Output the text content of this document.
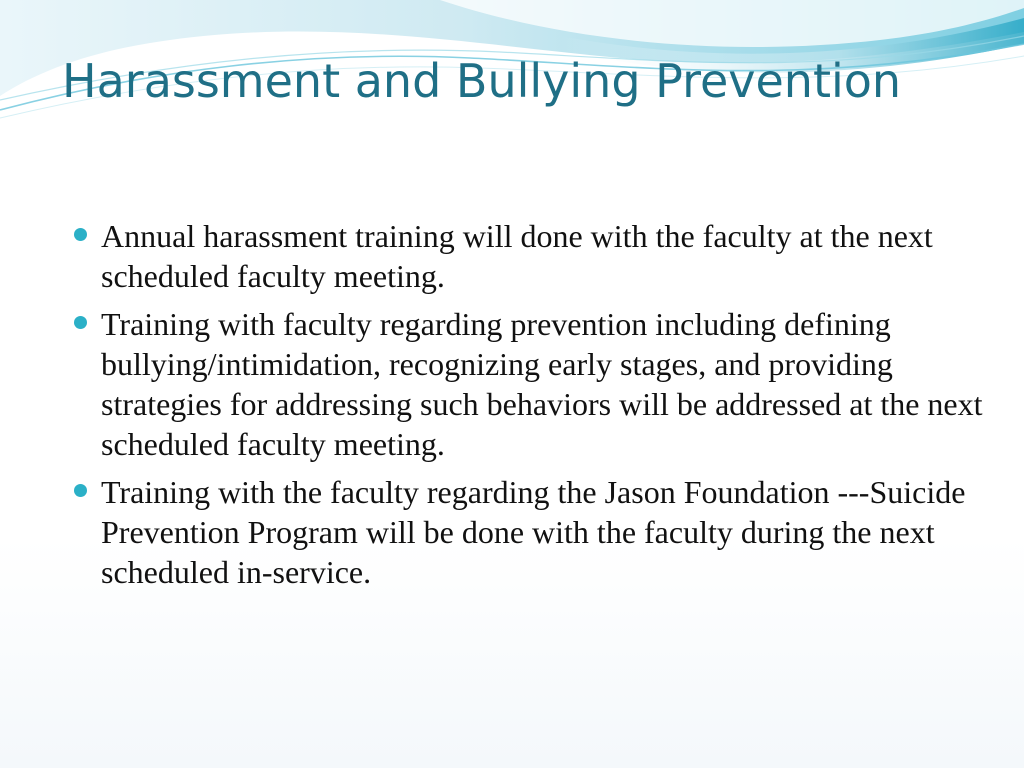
Harassment and Bullying Prevention
Annual harassment training will done with the faculty at the next scheduled faculty meeting.
Training with faculty regarding prevention including defining bullying/intimidation, recognizing early stages, and providing strategies for addressing such behaviors will be addressed at the next scheduled faculty meeting.
Training with the faculty regarding the Jason Foundation ---Suicide Prevention Program will be done with the faculty during the next scheduled in-service.
